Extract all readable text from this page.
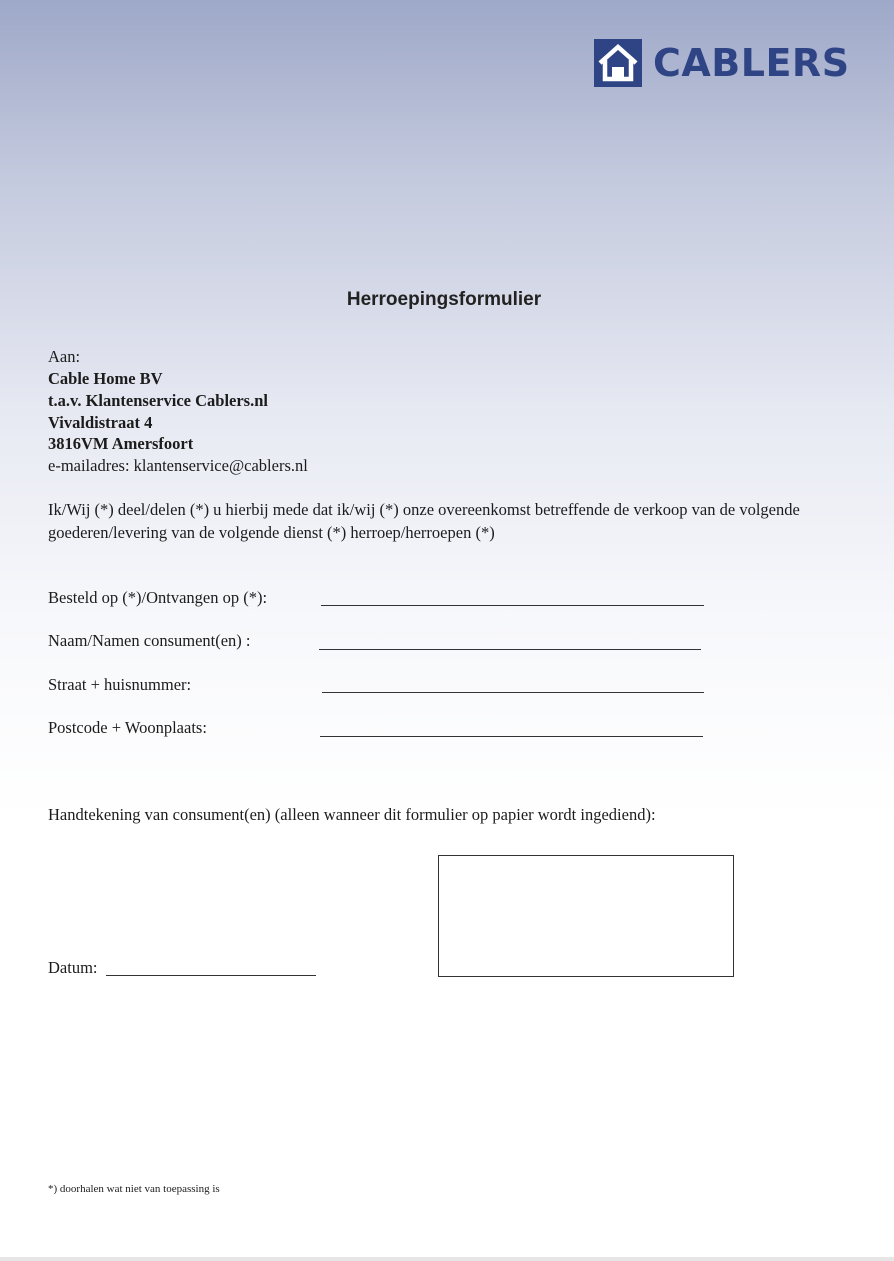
CABLERS
Herroepingsformulier
Aan:
Cable Home BV
t.a.v. Klantenservice Cablers.nl
Vivaldistraat 4
3816VM Amersfoort
e-mailadres: klantenservice@cablers.nl
Ik/Wij (*) deel/delen (*) u hierbij mede dat ik/wij (*) onze overeenkomst betreffende de verkoop van de volgende goederen/levering van de volgende dienst (*) herroep/herroepen (*)
Besteld op (*)/Ontvangen op (*):
Naam/Namen consument(en) :
Straat + huisnummer:
Postcode + Woonplaats:
Handtekening van consument(en) (alleen wanneer dit formulier op papier wordt ingediend):
Datum:
*) doorhalen wat niet van toepassing is
